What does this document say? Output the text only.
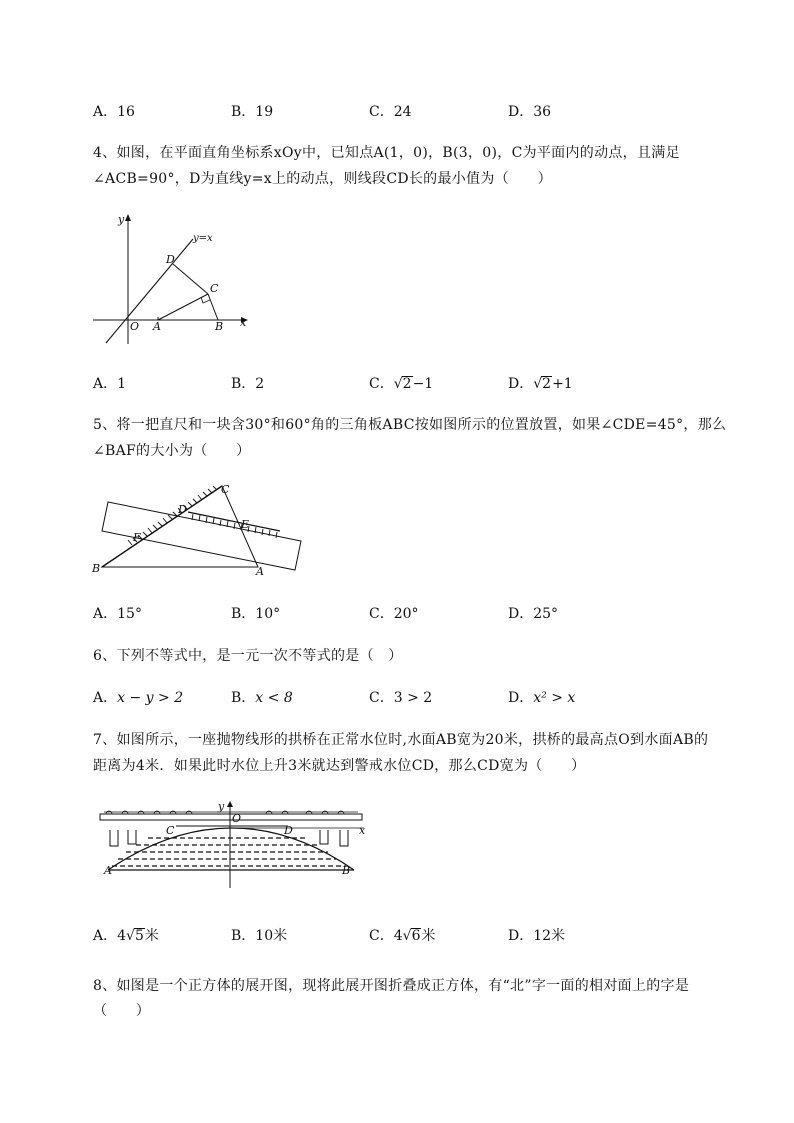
A．16	B．19	C．24	D．36
4、如图，在平面直角坐标系xOy中，已知点A(1，0)，B(3，0)，C为平面内的动点，且满足
∠ACB=90°，D为直线y=x上的动点，则线段CD长的最小值为（　　）
y
x
y=x
O A	B
C
D
A．1	B．2	C．√2−1	D．√2+1
5、将一把直尺和一块含30°和60°角的三角板ABC按如图所示的位置放置，如果∠CDE=45°，那么
∠BAF的大小为（　　）
A
B
C
D
E
F
A．15°	B．10°	C．20°	D．25°
6、下列不等式中，是一元一次不等式的是（　）
A．x − y > 2	B．x < 8	C．3 > 2	D．x² > x
7、如图所示，一座抛物线形的拱桥在正常水位时,水面AB宽为20米，拱桥的最高点O到水面AB的
距离为4米．如果此时水位上升3米就达到警戒水位CD，那么CD宽为（　　）
y
x
O
C	D
A	B
A．4√5米	B．10米	C．4√6米	D．12米
8、如图是一个正方体的展开图，现将此展开图折叠成正方体，有“北”字一面的相对面上的字是
（　　）
